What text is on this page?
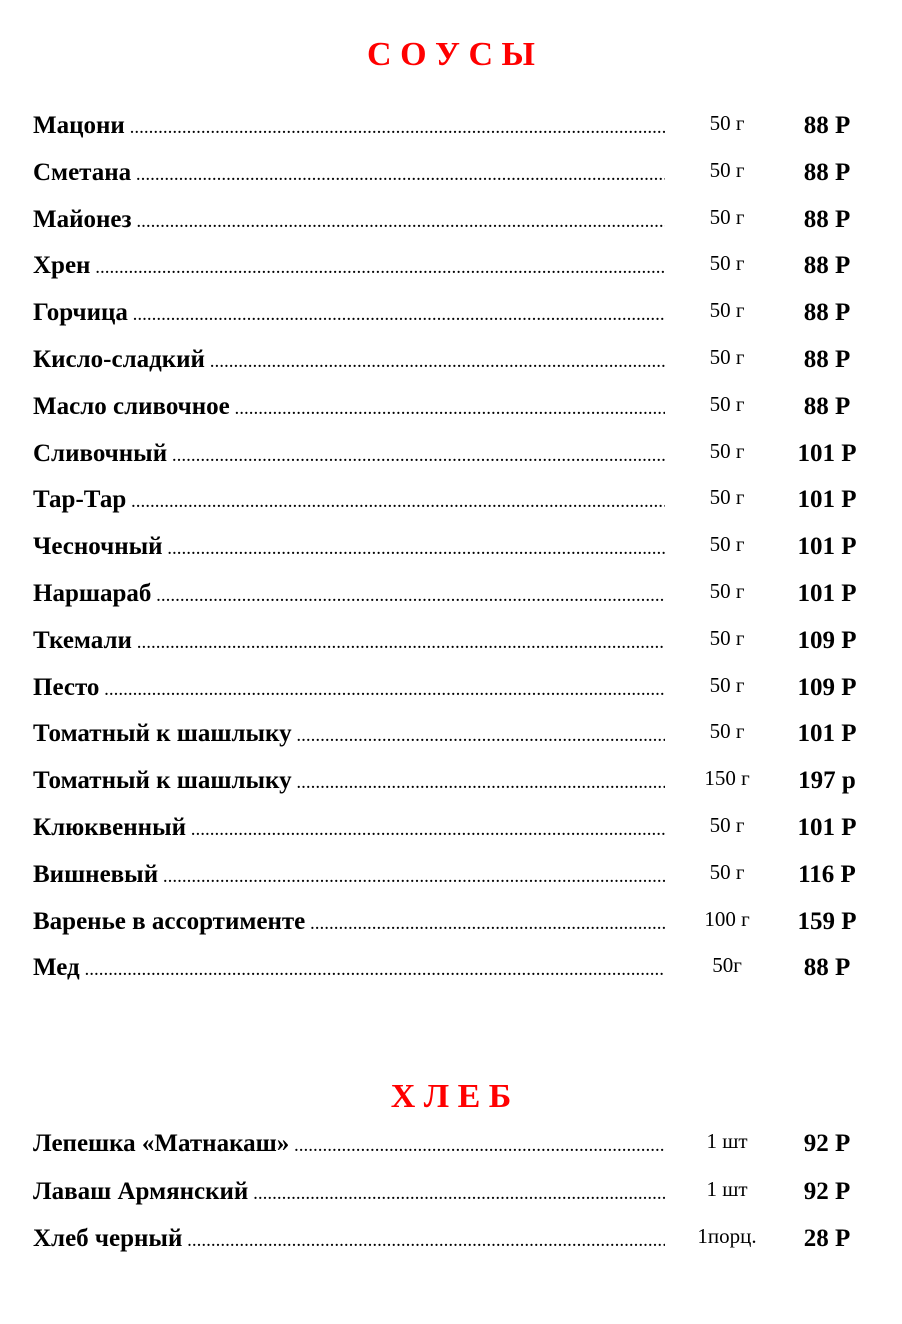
С О У С Ы
Мацони .....	50 г	88 Р
Сметана .....	50 г	88 Р
Майонез .....	50 г	88 Р
Хрен .....	50 г	88 Р
Горчица .....	50 г	88 Р
Кисло-сладкий .....	50 г	88 Р
Масло сливочное .....	50 г	88 Р
Сливочный .....	50 г	101 Р
Тар-Тар .....	50 г	101 Р
Чесночный .....	50 г	101 Р
Наршараб .....	50 г	101 Р
Ткемали .....	50 г	109 Р
Песто .....	50 г	109 Р
Томатный к шашлыку .....	50 г	101 Р
Томатный к шашлыку .....	150 г	197 р
Клюквенный .....	50 г	101 Р
Вишневый .....	50 г	116 Р
Варенье в ассортименте .....	100 г	159 Р
Мед .....	50г	88 Р
Х Л Е Б
Лепешка «Матнакаш» .....	1 шт	92 Р
Лаваш Армянский .....	1 шт	92 Р
Хлеб черный .....	1порц.	28 Р
